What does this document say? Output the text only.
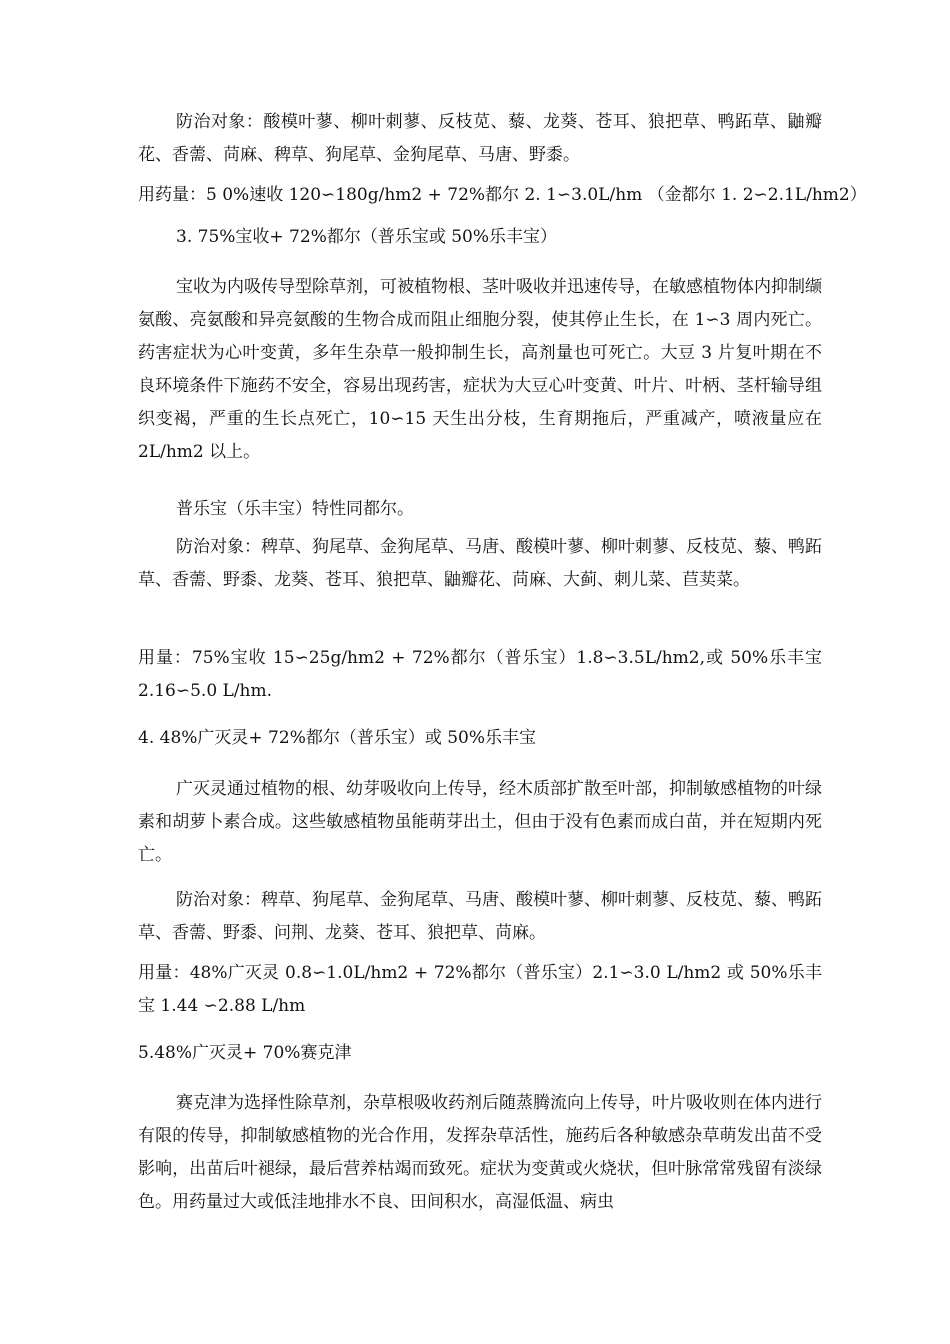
防治对象：酸模叶蓼、柳叶刺蓼、反枝苋、藜、龙葵、苍耳、狼把草、鸭跖草、鼬瓣花、香薷、苘麻、稗草、狗尾草、金狗尾草、马唐、野黍。

用药量：5 0%速收 120∽180g/hm2 + 72%都尔 2. 1∽3.0L/hm （金都尔 1. 2∽2.1L/hm2）

3. 75%宝收+ 72%都尔（普乐宝或 50%乐丰宝）

宝收为内吸传导型除草剂，可被植物根、茎叶吸收并迅速传导，在敏感植物体内抑制缬氨酸、亮氨酸和异亮氨酸的生物合成而阻止细胞分裂，使其停止生长，在 1∽3 周内死亡。药害症状为心叶变黄，多年生杂草一般抑制生长，高剂量也可死亡。大豆 3 片复叶期在不良环境条件下施药不安全，容易出现药害，症状为大豆心叶变黄、叶片、叶柄、茎杆输导组织变褐，严重的生长点死亡，10∽15 天生出分枝，生育期拖后，严重减产，喷液量应在 2L/hm2 以上。

普乐宝（乐丰宝）特性同都尔。

防治对象：稗草、狗尾草、金狗尾草、马唐、酸模叶蓼、柳叶刺蓼、反枝苋、藜、鸭跖草、香薷、野黍、龙葵、苍耳、狼把草、鼬瓣花、苘麻、大蓟、刺儿菜、苣荬菜。

用量：75%宝收 15∽25g/hm2 + 72%都尔（普乐宝）1.8∽3.5L/hm2,或 50%乐丰宝 2.16∽5.0 L/hm.

4. 48%广灭灵+ 72%都尔（普乐宝）或 50%乐丰宝

广灭灵通过植物的根、幼芽吸收向上传导，经木质部扩散至叶部，抑制敏感植物的叶绿素和胡萝卜素合成。这些敏感植物虽能萌芽出土，但由于没有色素而成白苗，并在短期内死亡。

防治对象：稗草、狗尾草、金狗尾草、马唐、酸模叶蓼、柳叶刺蓼、反枝苋、藜、鸭跖草、香薷、野黍、问荆、龙葵、苍耳、狼把草、苘麻。

用量：48%广灭灵 0.8∽1.0L/hm2 + 72%都尔（普乐宝）2.1∽3.0 L/hm2 或 50%乐丰宝 1.44 ∽2.88 L/hm

5.48%广灭灵+ 70%赛克津

赛克津为选择性除草剂，杂草根吸收药剂后随蒸腾流向上传导，叶片吸收则在体内进行有限的传导，抑制敏感植物的光合作用，发挥杂草活性，施药后各种敏感杂草萌发出苗不受影响，出苗后叶褪绿，最后营养枯竭而致死。症状为变黄或火烧状，但叶脉常常残留有淡绿色。用药量过大或低洼地排水不良、田间积水，高湿低温、病虫
